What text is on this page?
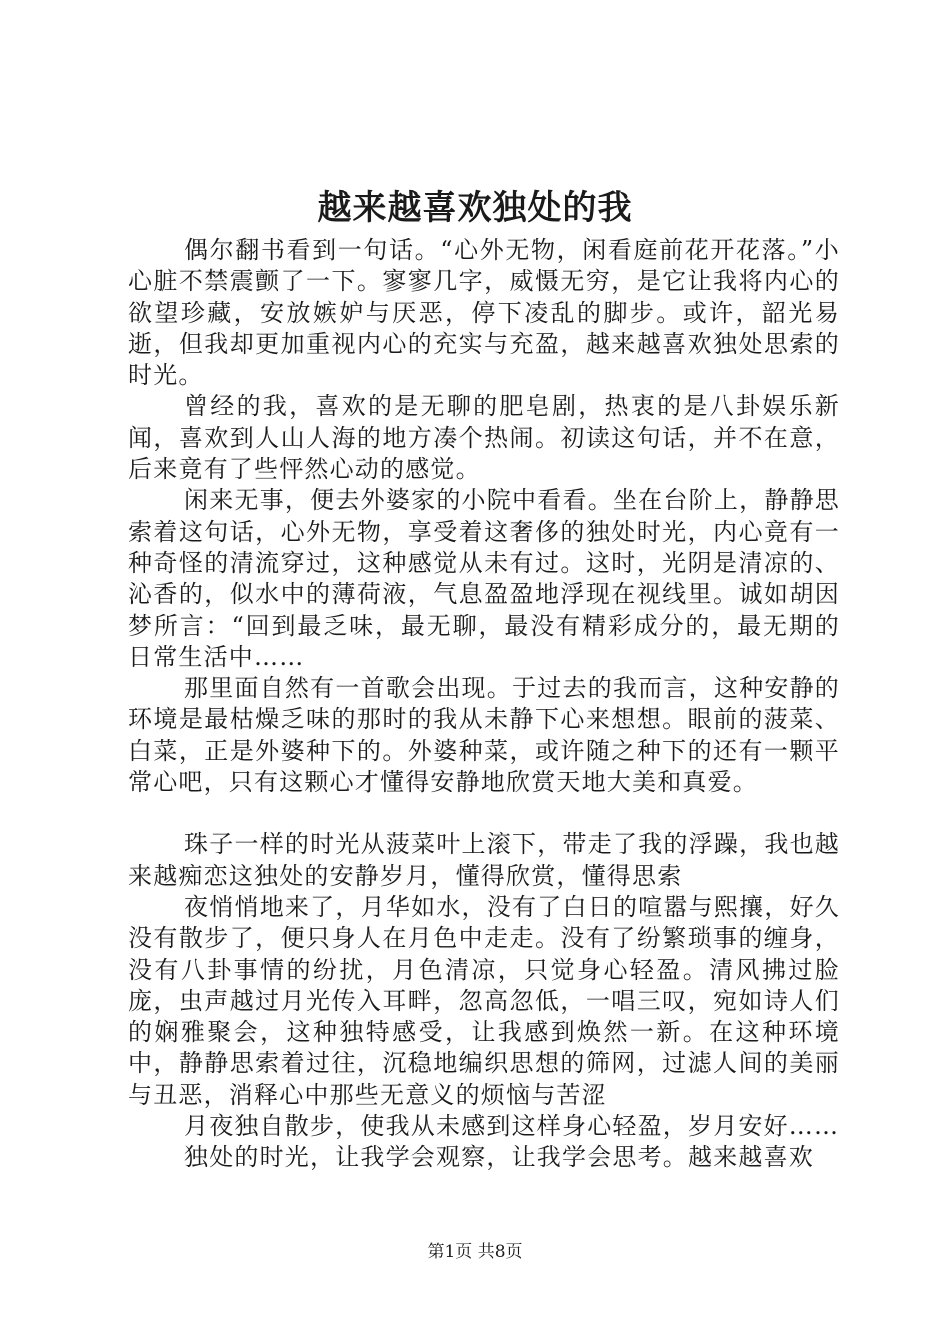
越来越喜欢独处的我

偶尔翻书看到一句话。“心外无物，闲看庭前花开花落。”小心脏不禁震颤了一下。寥寥几字，威慑无穷，是它让我将内心的欲望珍藏，安放嫉妒与厌恶，停下凌乱的脚步。或许，韶光易逝，但我却更加重视内心的充实与充盈，越来越喜欢独处思索的时光。

曾经的我，喜欢的是无聊的肥皂剧，热衷的是八卦娱乐新闻，喜欢到人山人海的地方凑个热闹。初读这句话，并不在意，后来竟有了些怦然心动的感觉。

闲来无事，便去外婆家的小院中看看。坐在台阶上，静静思索着这句话，心外无物，享受着这奢侈的独处时光，内心竟有一种奇怪的清流穿过，这种感觉从未有过。这时，光阴是清凉的、沁香的，似水中的薄荷液，气息盈盈地浮现在视线里。诚如胡因梦所言：“回到最乏味，最无聊，最没有精彩成分的，最无期的日常生活中……

那里面自然有一首歌会出现。于过去的我而言，这种安静的环境是最枯燥乏味的那时的我从未静下心来想想。眼前的菠菜、白菜，正是外婆种下的。外婆种菜，或许随之种下的还有一颗平常心吧，只有这颗心才懂得安静地欣赏天地大美和真爱。

珠子一样的时光从菠菜叶上滚下，带走了我的浮躁，我也越来越痴恋这独处的安静岁月，懂得欣赏，懂得思索

夜悄悄地来了，月华如水，没有了白日的喧嚣与熙攘，好久没有散步了，便只身人在月色中走走。没有了纷繁琐事的缠身，没有八卦事情的纷扰，月色清凉，只觉身心轻盈。清风拂过脸庞，虫声越过月光传入耳畔，忽高忽低，一唱三叹，宛如诗人们的娴雅聚会，这种独特感受，让我感到焕然一新。在这种环境中，静静思索着过往，沉稳地编织思想的筛网，过滤人间的美丽与丑恶，消释心中那些无意义的烦恼与苦涩

月夜独自散步，使我从未感到这样身心轻盈，岁月安好……

独处的时光，让我学会观察，让我学会思考。越来越喜欢

第1页 共8页
